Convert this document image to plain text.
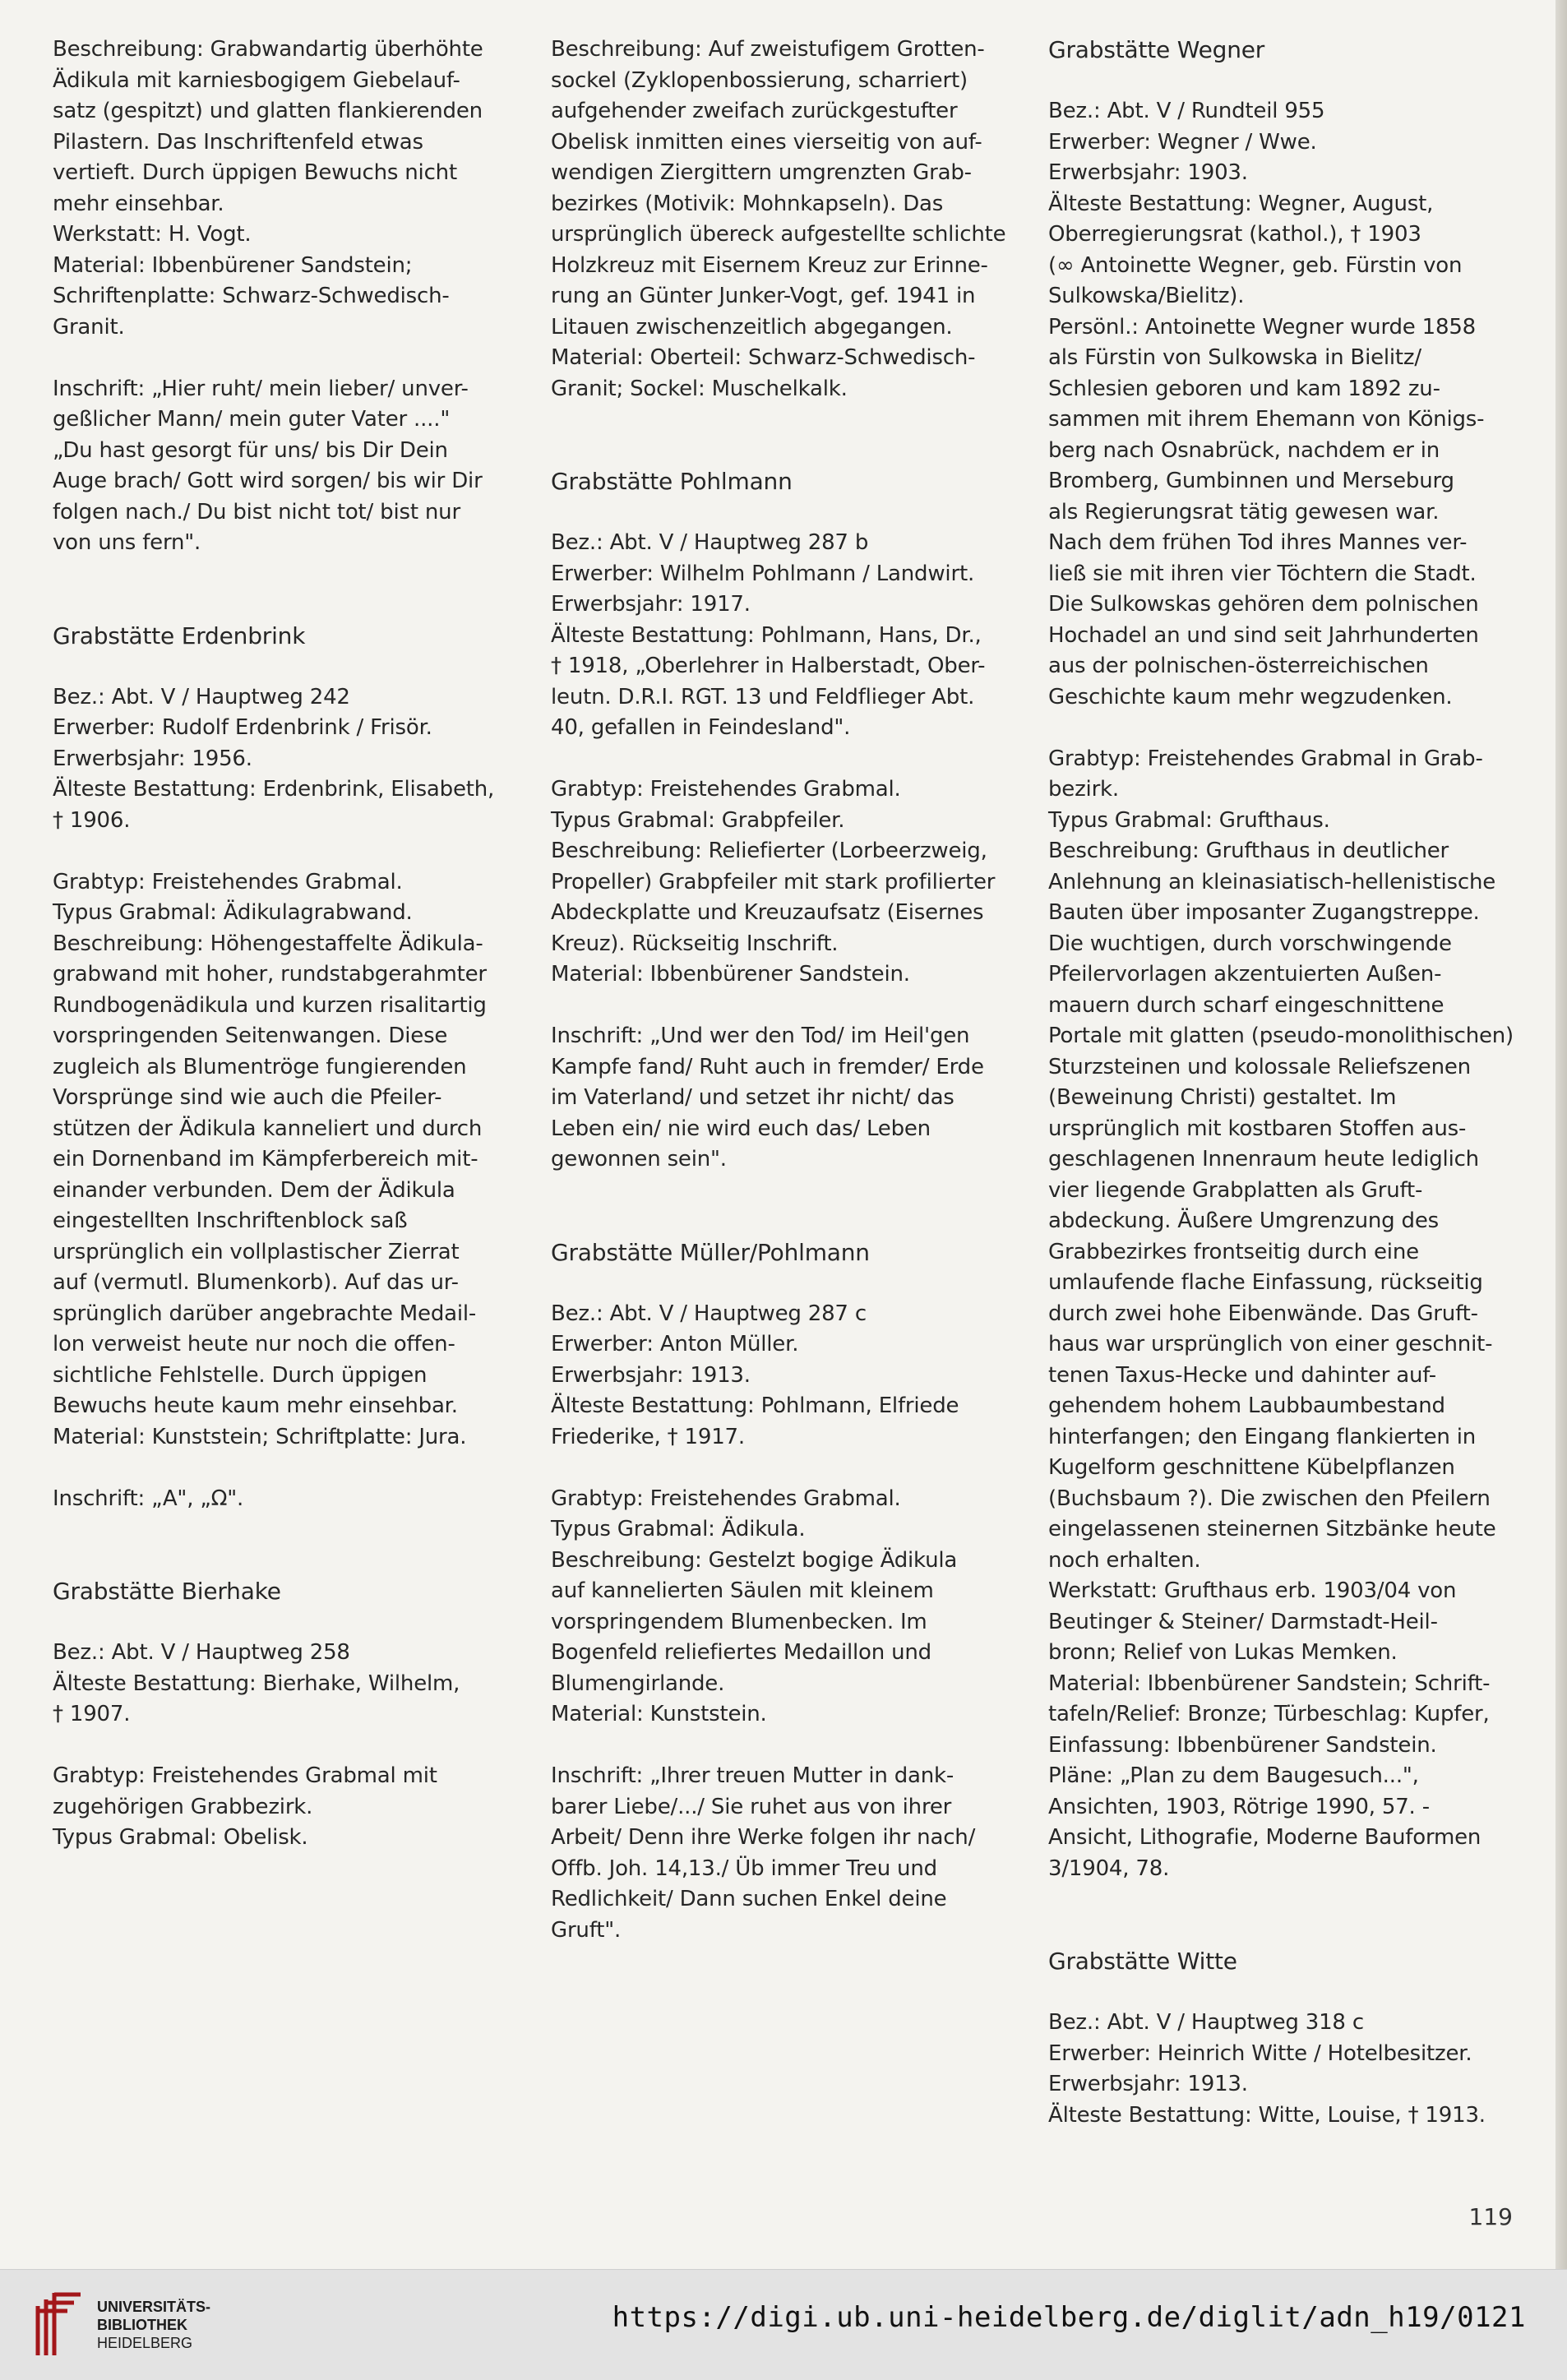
Beschreibung: Grabwandartig überhöhte
Ädikula mit karniesbogigem Giebelauf-
satz (gespitzt) und glatten flankierenden
Pilastern. Das Inschriftenfeld etwas
vertieft. Durch üppigen Bewuchs nicht
mehr einsehbar.
Werkstatt: H. Vogt.
Material: Ibbenbürener Sandstein;
Schriftenplatte: Schwarz-Schwedisch-
Granit.
Inschrift: „Hier ruht/ mein lieber/ unver-
geßlicher Mann/ mein guter Vater ...."
„Du hast gesorgt für uns/ bis Dir Dein
Auge brach/ Gott wird sorgen/ bis wir Dir
folgen nach./ Du bist nicht tot/ bist nur
von uns fern".
Grabstätte Erdenbrink
Bez.: Abt. V / Hauptweg 242
Erwerber: Rudolf Erdenbrink / Frisör.
Erwerbsjahr: 1956.
Älteste Bestattung: Erdenbrink, Elisabeth,
† 1906.
Grabtyp: Freistehendes Grabmal.
Typus Grabmal: Ädikulagrabwand.
Beschreibung: Höhengestaffelte Ädikula-
grabwand mit hoher, rundstabgerahmter
Rundbogenädikula und kurzen risalitartig
vorspringenden Seitenwangen. Diese
zugleich als Blumentröge fungierenden
Vorsprünge sind wie auch die Pfeiler-
stützen der Ädikula kanneliert und durch
ein Dornenband im Kämpferbereich mit-
einander verbunden. Dem der Ädikula
eingestellten Inschriftenblock saß
ursprünglich ein vollplastischer Zierrat
auf (vermutl. Blumenkorb). Auf das ur-
sprünglich darüber angebrachte Medail-
lon verweist heute nur noch die offen-
sichtliche Fehlstelle. Durch üppigen
Bewuchs heute kaum mehr einsehbar.
Material: Kunststein; Schriftplatte: Jura.
Inschrift: „A", „Ω".
Grabstätte Bierhake
Bez.: Abt. V / Hauptweg 258
Älteste Bestattung: Bierhake, Wilhelm,
† 1907.
Grabtyp: Freistehendes Grabmal mit
zugehörigen Grabbezirk.
Typus Grabmal: Obelisk.
Beschreibung: Auf zweistufigem Grotten-
sockel (Zyklopenbossierung, scharriert)
aufgehender zweifach zurückgestufter
Obelisk inmitten eines vierseitig von auf-
wendigen Ziergittern umgrenzten Grab-
bezirkes (Motivik: Mohnkapseln). Das
ursprünglich übereck aufgestellte schlichte
Holzkreuz mit Eisernem Kreuz zur Erinne-
rung an Günter Junker-Vogt, gef. 1941 in
Litauen zwischenzeitlich abgegangen.
Material: Oberteil: Schwarz-Schwedisch-
Granit; Sockel: Muschelkalk.
Grabstätte Pohlmann
Bez.: Abt. V / Hauptweg 287 b
Erwerber: Wilhelm Pohlmann / Landwirt.
Erwerbsjahr: 1917.
Älteste Bestattung: Pohlmann, Hans, Dr.,
† 1918, „Oberlehrer in Halberstadt, Ober-
leutn. D.R.I. RGT. 13 und Feldflieger Abt.
40, gefallen in Feindesland".
Grabtyp: Freistehendes Grabmal.
Typus Grabmal: Grabpfeiler.
Beschreibung: Reliefierter (Lorbeerzweig,
Propeller) Grabpfeiler mit stark profilierter
Abdeckplatte und Kreuzaufsatz (Eisernes
Kreuz). Rückseitig Inschrift.
Material: Ibbenbürener Sandstein.
Inschrift: „Und wer den Tod/ im Heil'gen
Kampfe fand/ Ruht auch in fremder/ Erde
im Vaterland/ und setzet ihr nicht/ das
Leben ein/ nie wird euch das/ Leben
gewonnen sein".
Grabstätte Müller/Pohlmann
Bez.: Abt. V / Hauptweg 287 c
Erwerber: Anton Müller.
Erwerbsjahr: 1913.
Älteste Bestattung: Pohlmann, Elfriede
Friederike, † 1917.
Grabtyp: Freistehendes Grabmal.
Typus Grabmal: Ädikula.
Beschreibung: Gestelzt bogige Ädikula
auf kannelierten Säulen mit kleinem
vorspringendem Blumenbecken. Im
Bogenfeld reliefiertes Medaillon und
Blumengirlande.
Material: Kunststein.
Inschrift: „Ihrer treuen Mutter in dank-
barer Liebe/.../ Sie ruhet aus von ihrer
Arbeit/ Denn ihre Werke folgen ihr nach/
Offb. Joh. 14,13./ Üb immer Treu und
Redlichkeit/ Dann suchen Enkel deine
Gruft".
Grabstätte Wegner
Bez.: Abt. V / Rundteil 955
Erwerber: Wegner / Wwe.
Erwerbsjahr: 1903.
Älteste Bestattung: Wegner, August,
Oberregierungsrat (kathol.), † 1903
(∞ Antoinette Wegner, geb. Fürstin von
Sulkowska/Bielitz).
Persönl.: Antoinette Wegner wurde 1858
als Fürstin von Sulkowska in Bielitz/
Schlesien geboren und kam 1892 zu-
sammen mit ihrem Ehemann von Königs-
berg nach Osnabrück, nachdem er in
Bromberg, Gumbinnen und Merseburg
als Regierungsrat tätig gewesen war.
Nach dem frühen Tod ihres Mannes ver-
ließ sie mit ihren vier Töchtern die Stadt.
Die Sulkowskas gehören dem polnischen
Hochadel an und sind seit Jahrhunderten
aus der polnischen-österreichischen
Geschichte kaum mehr wegzudenken.
Grabtyp: Freistehendes Grabmal in Grab-
bezirk.
Typus Grabmal: Grufthaus.
Beschreibung: Grufthaus in deutlicher
Anlehnung an kleinasiatisch-hellenistische
Bauten über imposanter Zugangstreppe.
Die wuchtigen, durch vorschwingende
Pfeilervorlagen akzentuierten Außen-
mauern durch scharf eingeschnittene
Portale mit glatten (pseudo-monolithischen)
Sturzsteinen und kolossale Reliefszenen
(Beweinung Christi) gestaltet. Im
ursprünglich mit kostbaren Stoffen aus-
geschlagenen Innenraum heute lediglich
vier liegende Grabplatten als Gruft-
abdeckung. Äußere Umgrenzung des
Grabbezirkes frontseitig durch eine
umlaufende flache Einfassung, rückseitig
durch zwei hohe Eibenwände. Das Gruft-
haus war ursprünglich von einer geschnit-
tenen Taxus-Hecke und dahinter auf-
gehendem hohem Laubbaumbestand
hinterfangen; den Eingang flankierten in
Kugelform geschnittene Kübelpflanzen
(Buchsbaum ?). Die zwischen den Pfeilern
eingelassenen steinernen Sitzbänke heute
noch erhalten.
Werkstatt: Grufthaus erb. 1903/04 von
Beutinger & Steiner/ Darmstadt-Heil-
bronn; Relief von Lukas Memken.
Material: Ibbenbürener Sandstein; Schrift-
tafeln/Relief: Bronze; Türbeschlag: Kupfer,
Einfassung: Ibbenbürener Sandstein.
Pläne: „Plan zu dem Baugesuch...",
Ansichten, 1903, Rötrige 1990, 57. -
Ansicht, Lithografie, Moderne Bauformen
3/1904, 78.
Grabstätte Witte
Bez.: Abt. V / Hauptweg 318 c
Erwerber: Heinrich Witte / Hotelbesitzer.
Erwerbsjahr: 1913.
Älteste Bestattung: Witte, Louise, † 1913.
119
UNIVERSITÄTS-
BIBLIOTHEK
HEIDELBERG
https://digi.ub.uni-heidelberg.de/diglit/adn_h19/0121
